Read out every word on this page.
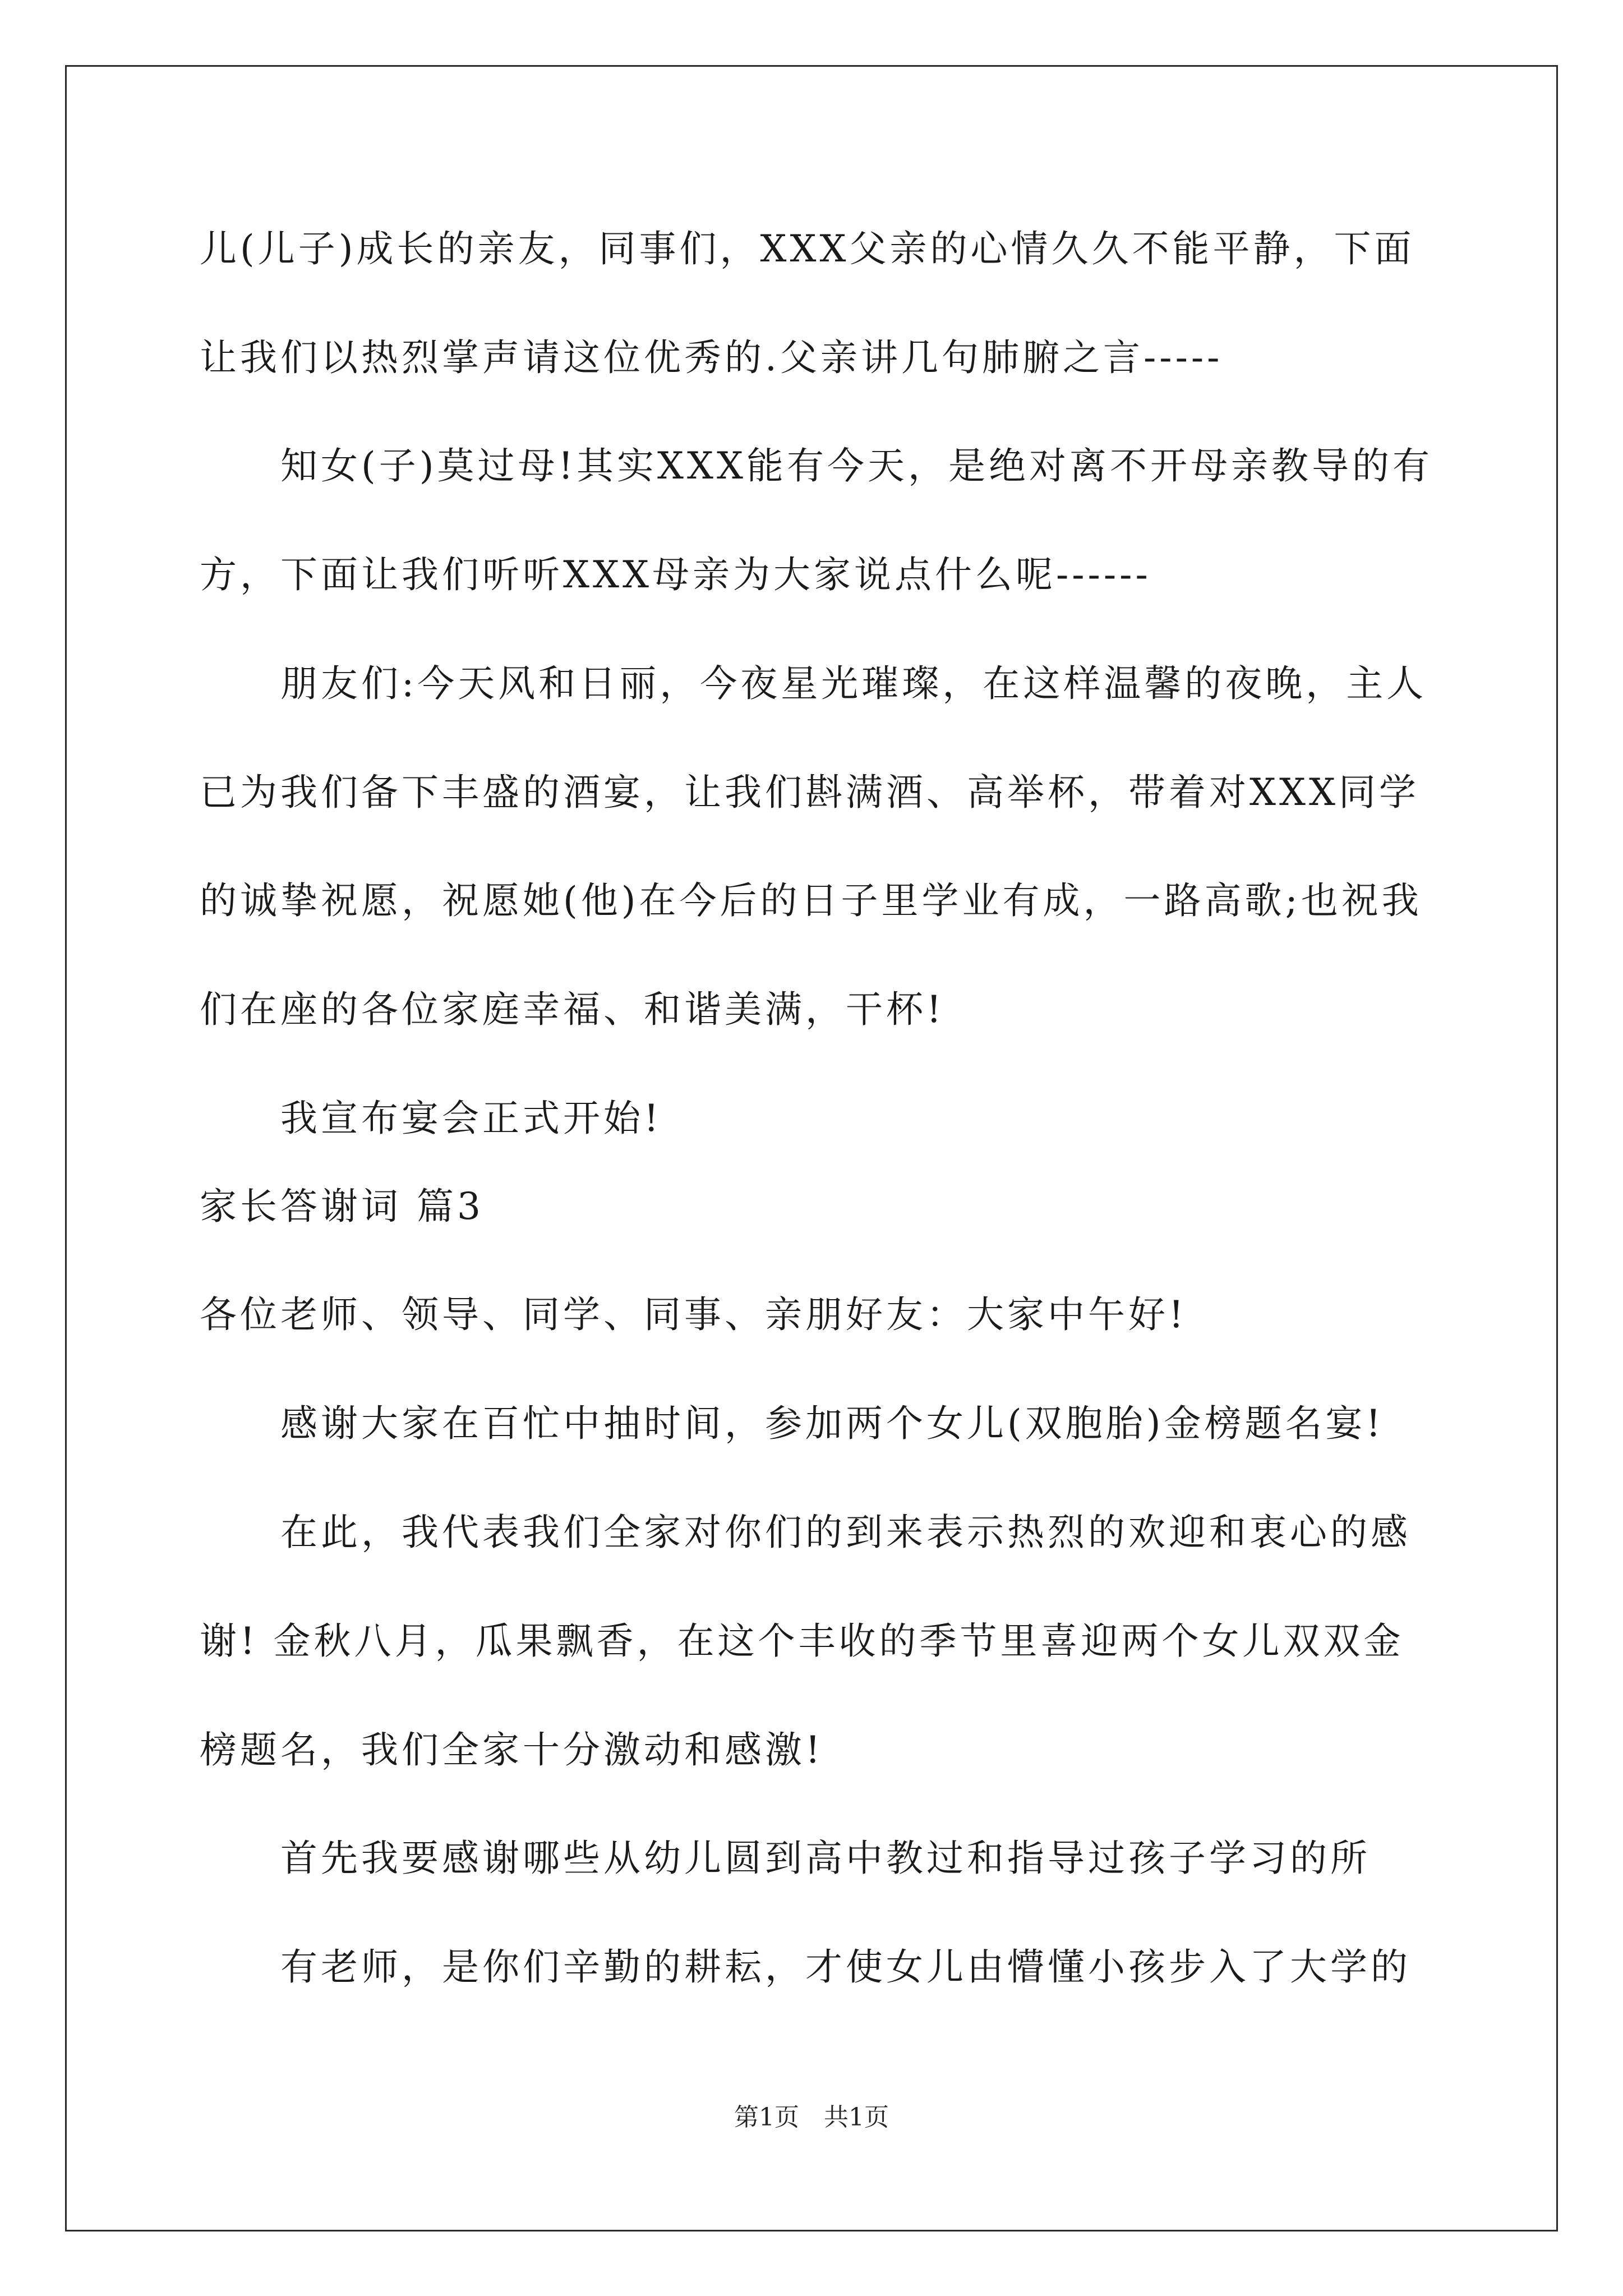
儿(儿子)成长的亲友，同事们，XXX父亲的心情久久不能平静，下面
让我们以热烈掌声请这位优秀的.父亲讲几句肺腑之言-----
知女(子)莫过母!其实XXX能有今天，是绝对离不开母亲教导的有
方，下面让我们听听XXX母亲为大家说点什么呢------
朋友们:今天风和日丽，今夜星光璀璨，在这样温馨的夜晚，主人
已为我们备下丰盛的酒宴，让我们斟满酒、高举杯，带着对XXX同学
的诚挚祝愿，祝愿她(他)在今后的日子里学业有成，一路高歌;也祝我
们在座的各位家庭幸福、和谐美满，干杯!
我宣布宴会正式开始!
家长答谢词 篇3
各位老师、领导、同学、同事、亲朋好友：大家中午好!
感谢大家在百忙中抽时间，参加两个女儿(双胞胎)金榜题名宴!
在此，我代表我们全家对你们的到来表示热烈的欢迎和衷心的感
谢! 金秋八月，瓜果飘香，在这个丰收的季节里喜迎两个女儿双双金
榜题名，我们全家十分激动和感激!
首先我要感谢哪些从幼儿圆到高中教过和指导过孩子学习的所
有老师，是你们辛勤的耕耘，才使女儿由懵懂小孩步入了大学的
第1页　共1页
